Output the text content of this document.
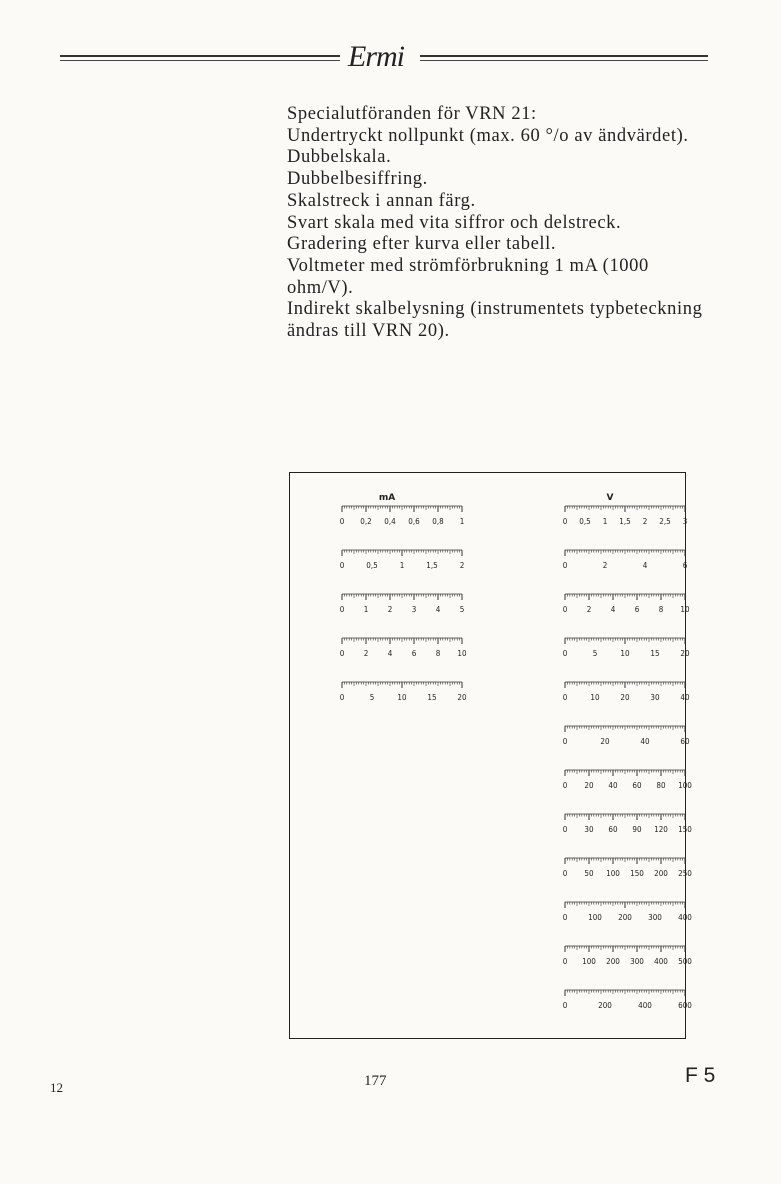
Ermi
Specialutföranden för VRN 21:
Undertryckt nollpunkt (max. 60 °/o av ändvärdet).
Dubbelskala.
Dubbelbesiffring.
Skalstreck i annan färg.
Svart skala med vita siffror och delstreck.
Gradering efter kurva eller tabell.
Voltmeter med strömförbrukning 1 mA (1000
ohm/V).
Indirekt skalbelysning (instrumentets typbeteckning
ändras till VRN 20).
mA	V
0 0,2 0,4 0,6 0,8 1
0	0,5	1	1,5	2
0 1 2 3 4 5
0 2 4 6 8 10
0	5	10	15	20
0 0,5 1 1,5 2 2,5 3
0	2	4	6
0 2 4 6 8 10
0	5	10	15	20
0	10	20	30	40
0	20	40	60
0 20 40 60 80 100
0 30 60 90 120 150
0 50 100 150 200 250
0	100 200 300 400
0 100 200 300 400 500
0	200	400	600
12	177	F 5
